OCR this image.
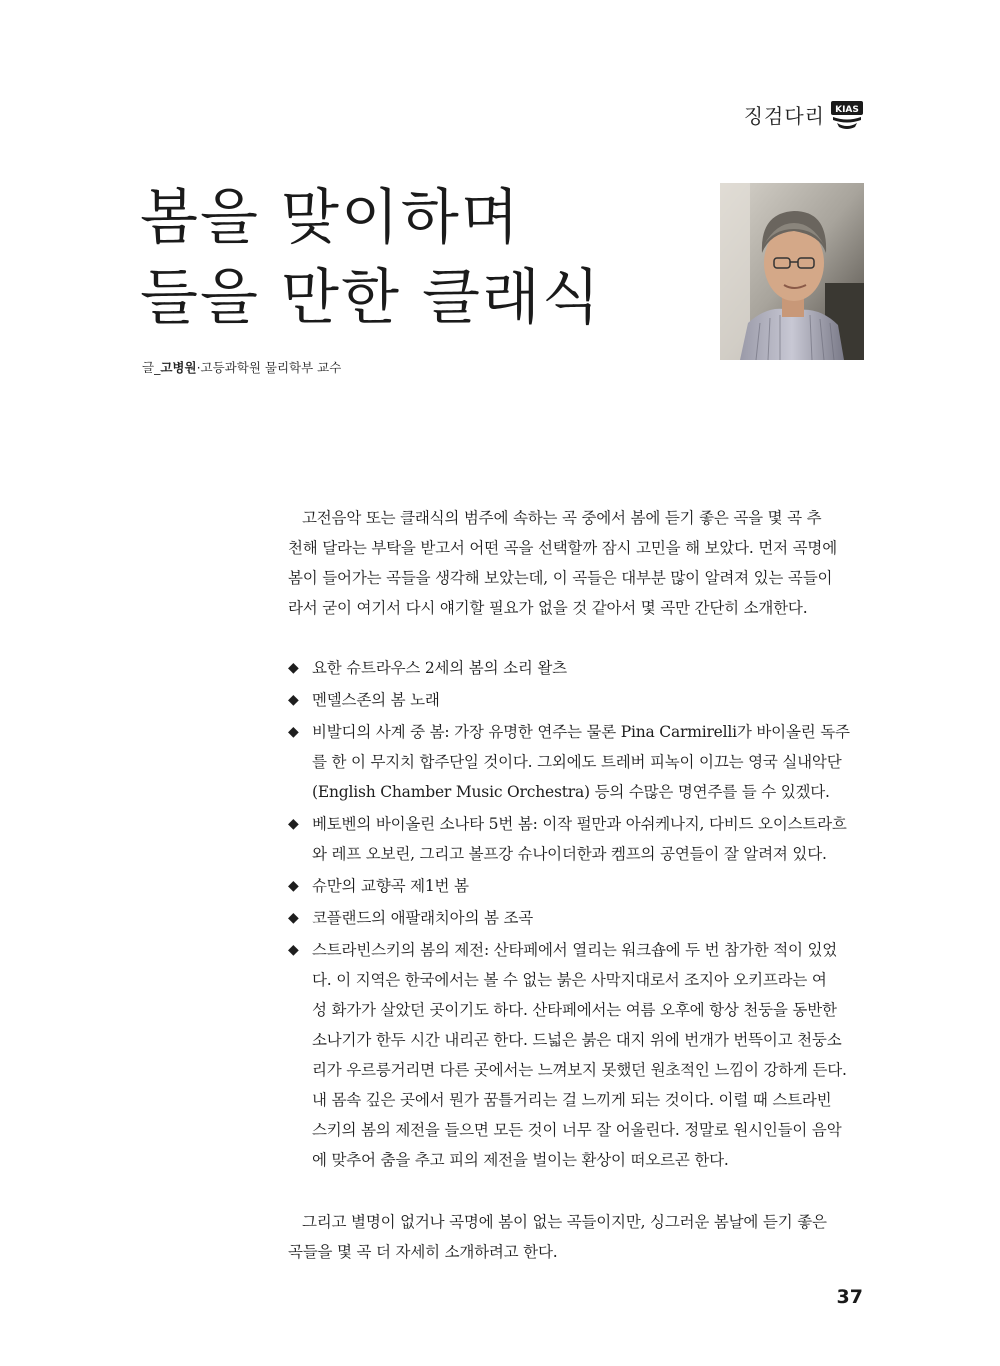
징검다리 KIAS
봄을 맞이하며
들을 만한 클래식
글_고병원·고등과학원 물리학부 교수

고전음악 또는 클래식의 범주에 속하는 곡 중에서 봄에 듣기 좋은 곡을 몇 곡 추
천해 달라는 부탁을 받고서 어떤 곡을 선택할까 잠시 고민을 해 보았다. 먼저 곡명에
봄이 들어가는 곡들을 생각해 보았는데, 이 곡들은 대부분 많이 알려져 있는 곡들이
라서 굳이 여기서 다시 얘기할 필요가 없을 것 같아서 몇 곡만 간단히 소개한다.

◆ 요한 슈트라우스 2세의 봄의 소리 왈츠
◆ 멘델스존의 봄 노래
◆ 비발디의 사계 중 봄: 가장 유명한 연주는 물론 Pina Carmirelli가 바이올린 독주
를 한 이 무지치 합주단일 것이다. 그외에도 트레버 피녹이 이끄는 영국 실내악단
(English Chamber Music Orchestra) 등의 수많은 명연주를 들 수 있겠다.
◆ 베토벤의 바이올린 소나타 5번 봄: 이작 펄만과 아쉬케나지, 다비드 오이스트라흐
와 레프 오보린, 그리고 볼프강 슈나이더한과 켐프의 공연들이 잘 알려져 있다.
◆ 슈만의 교향곡 제1번 봄
◆ 코플랜드의 애팔래치아의 봄 조곡
◆ 스트라빈스키의 봄의 제전: 산타페에서 열리는 워크숍에 두 번 참가한 적이 있었
다. 이 지역은 한국에서는 볼 수 없는 붉은 사막지대로서 조지아 오키프라는 여
성 화가가 살았던 곳이기도 하다. 산타페에서는 여름 오후에 항상 천둥을 동반한
소나기가 한두 시간 내리곤 한다. 드넓은 붉은 대지 위에 번개가 번뜩이고 천둥소
리가 우르릉거리면 다른 곳에서는 느껴보지 못했던 원초적인 느낌이 강하게 든다.
내 몸속 깊은 곳에서 뭔가 꿈틀거리는 걸 느끼게 되는 것이다. 이럴 때 스트라빈
스키의 봄의 제전을 들으면 모든 것이 너무 잘 어울린다. 정말로 원시인들이 음악
에 맞추어 춤을 추고 피의 제전을 벌이는 환상이 떠오르곤 한다.

그리고 별명이 없거나 곡명에 봄이 없는 곡들이지만, 싱그러운 봄날에 듣기 좋은
곡들을 몇 곡 더 자세히 소개하려고 한다.

37
